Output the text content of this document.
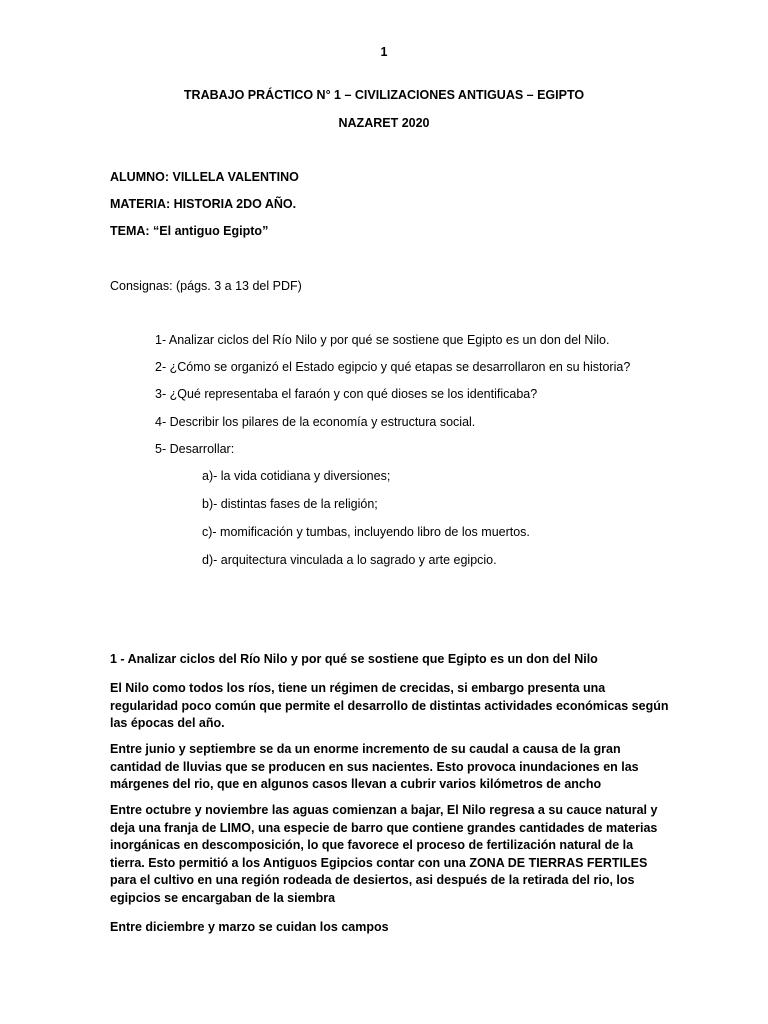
1
TRABAJO PRÁCTICO N° 1 – CIVILIZACIONES ANTIGUAS – EGIPTO
NAZARET 2020
ALUMNO: VILLELA VALENTINO
MATERIA: HISTORIA 2DO AÑO.
TEMA: “El antiguo Egipto”
Consignas: (págs. 3 a 13 del PDF)
1- Analizar ciclos del Río Nilo y por qué se sostiene que Egipto es un don del Nilo.
2- ¿Cómo se organizó el Estado egipcio y qué etapas se desarrollaron en su historia?
3- ¿Qué representaba el faraón y con qué dioses se los identificaba?
4- Describir los pilares de la economía y estructura social.
5- Desarrollar:
a)- la vida cotidiana y diversiones;
b)- distintas fases de la religión;
c)- momificación y tumbas, incluyendo libro de los muertos.
d)- arquitectura vinculada a lo sagrado y arte egipcio.
1 - Analizar ciclos del Río Nilo y por qué se sostiene que Egipto es un don del Nilo
El Nilo como todos los ríos, tiene un régimen de crecidas, si embargo presenta una regularidad poco común que permite el desarrollo de distintas actividades económicas según las épocas del año.
Entre junio y septiembre se da un enorme incremento de su caudal a causa de la gran cantidad de lluvias que se producen en sus nacientes. Esto provoca inundaciones en las márgenes del rio, que en algunos casos llevan a cubrir varios kilómetros de ancho
Entre octubre y noviembre las aguas comienzan a bajar, El Nilo regresa a su cauce natural y deja una franja de LIMO, una especie de barro que contiene grandes cantidades de materias inorgánicas en descomposición, lo que favorece el proceso de fertilización natural de la tierra. Esto permitió a los Antiguos Egipcios contar con una ZONA DE TIERRAS FERTILES para el cultivo en una región rodeada de desiertos, asi después de la retirada del rio, los egipcios se encargaban de la siembra
Entre diciembre y marzo se cuidan los campos
